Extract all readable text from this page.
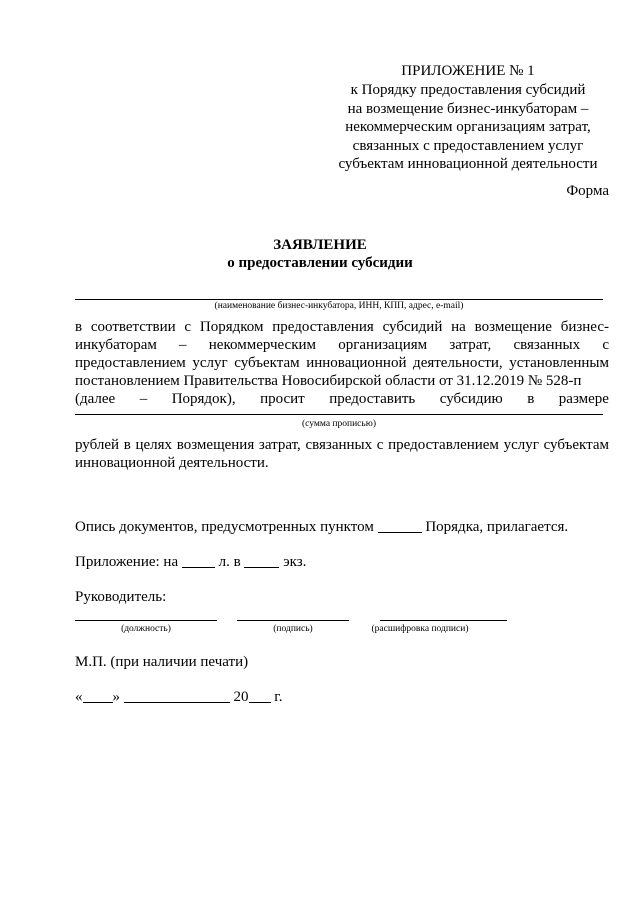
ПРИЛОЖЕНИЕ № 1
к Порядку предоставления субсидий
на возмещение бизнес-инкубаторам –
некоммерческим организациям затрат,
связанных с предоставлением услуг
субъектам инновационной деятельности
Форма
ЗАЯВЛЕНИЕ
о предоставлении субсидии
(наименование бизнес-инкубатора, ИНН, КПП, адрес, e-mail)
в соответствии с Порядком предоставления субсидий на возмещение бизнес-инкубаторам – некоммерческим организациям затрат, связанных с предоставлением услуг субъектам инновационной деятельности, установленным постановлением Правительства Новосибирской области от 31.12.2019 № 528-п
(далее – Порядок), просит предоставить субсидию в размере
(сумма прописью)
рублей в целях возмещения затрат, связанных с предоставлением услуг субъектам инновационной деятельности.
Опись документов, предусмотренных пунктом	Порядка, прилагается.
Приложение: на	л. в	экз.
Руководитель:
(должность)	(подпись)	(расшифровка подписи)
М.П. (при наличии печати)
« »	20 г.
